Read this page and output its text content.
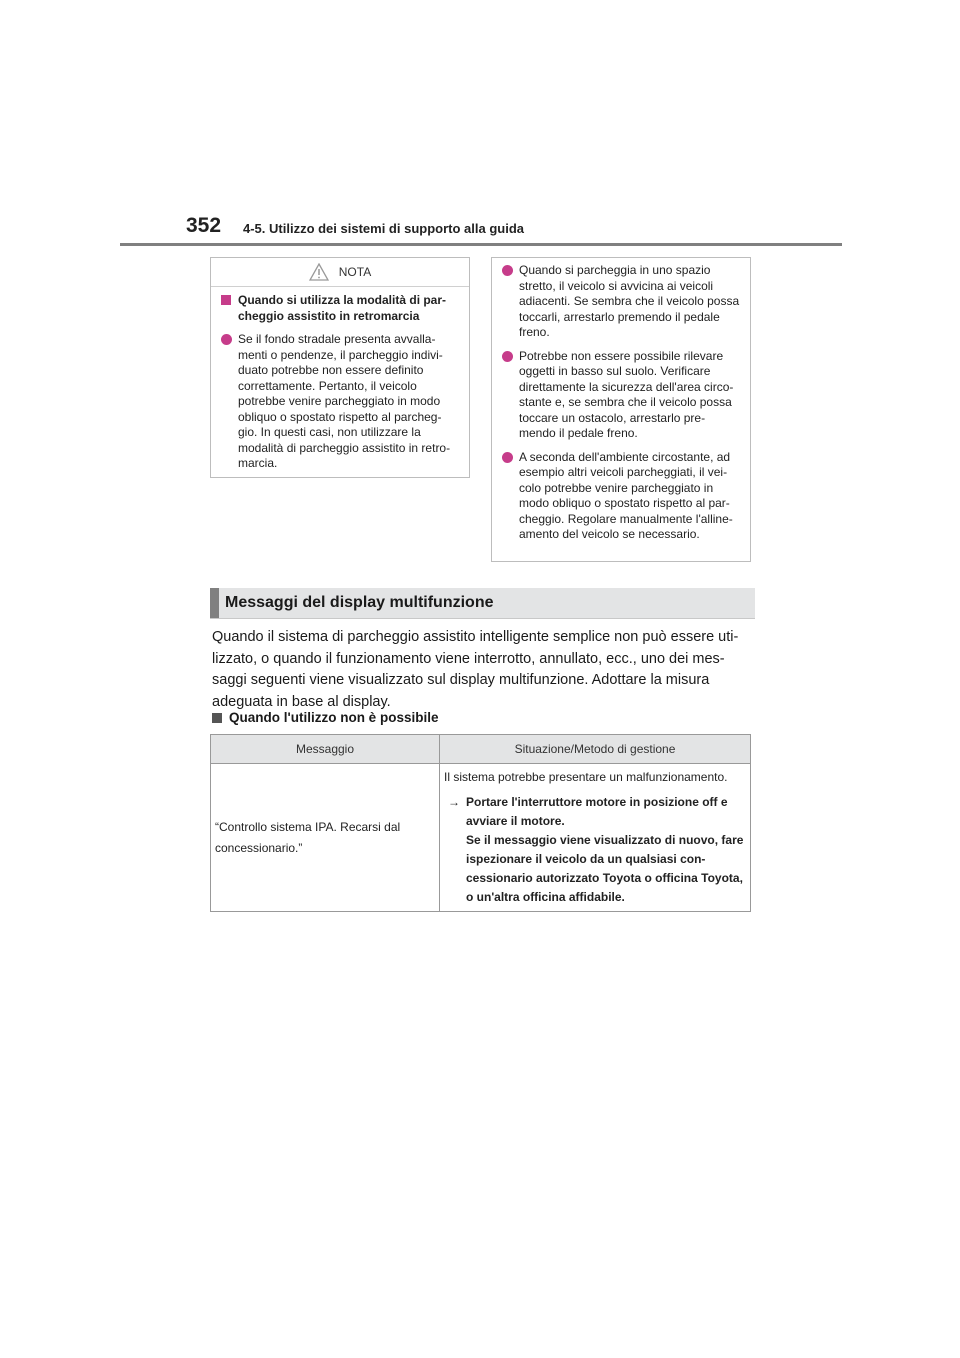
352 4-5. Utilizzo dei sistemi di supporto alla guida
NOTA
Quando si utilizza la modalità di par-cheggio assistito in retromarcia
Se il fondo stradale presenta avvalla-menti o pendenze, il parcheggio indivi-duato potrebbe non essere definito correttamente. Pertanto, il veicolo potrebbe venire parcheggiato in modo obliquo o spostato rispetto al parcheg-gio. In questi casi, non utilizzare la modalità di parcheggio assistito in retro-marcia.
Quando si parcheggia in uno spazio stretto, il veicolo si avvicina ai veicoli adiacenti. Se sembra che il veicolo possa toccarli, arrestarlo premendo il pedale freno.
Potrebbe non essere possibile rilevare oggetti in basso sul suolo. Verificare direttamente la sicurezza dell'area circo-stante e, se sembra che il veicolo possa toccare un ostacolo, arrestarlo pre-mendo il pedale freno.
A seconda dell'ambiente circostante, ad esempio altri veicoli parcheggiati, il vei-colo potrebbe venire parcheggiato in modo obliquo o spostato rispetto al par-cheggio. Regolare manualmente l'alline-amento del veicolo se necessario.
Messaggi del display multifunzione
Quando il sistema di parcheggio assistito intelligente semplice non può essere uti-lizzato, o quando il funzionamento viene interrotto, annullato, ecc., uno dei mes-saggi seguenti viene visualizzato sul display multifunzione. Adottare la misura adeguata in base al display.
Quando l'utilizzo non è possibile
Messaggio	Situazione/Metodo di gestione
“Controllo sistema IPA. Recarsi dal concessionario.”	Il sistema potrebbe presentare un malfunzionamento.
→ Portare l'interruttore motore in posizione off e avviare il motore.
Se il messaggio viene visualizzato di nuovo, fare ispezionare il veicolo da un qualsiasi con-cessionario autorizzato Toyota o officina Toyota, o un'altra officina affidabile.
